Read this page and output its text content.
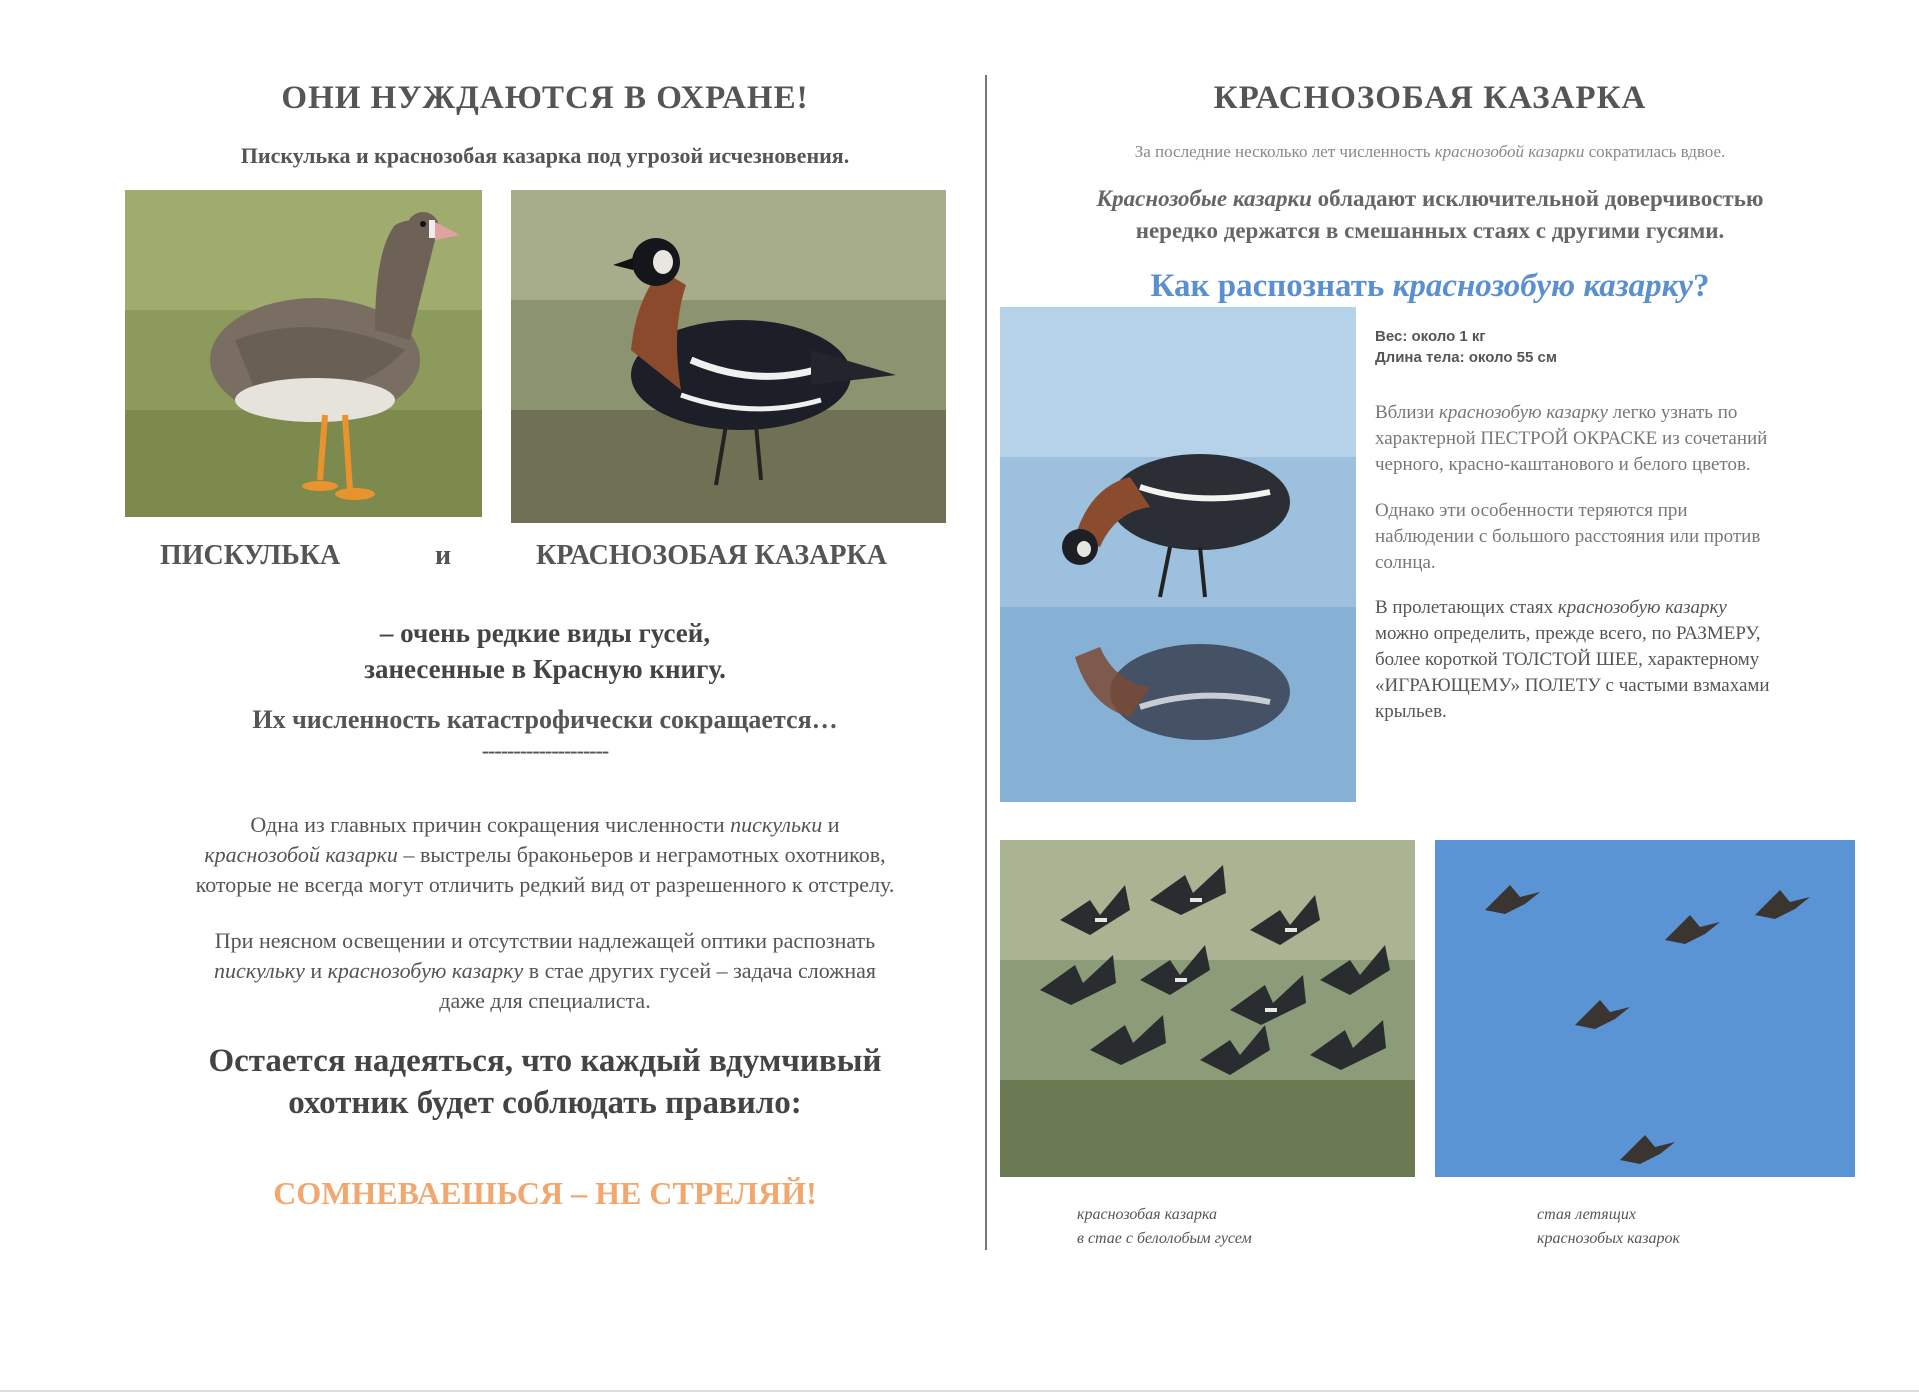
ОНИ НУЖДАЮТСЯ В ОХРАНЕ!
Пискулька и краснозобая казарка под угрозой исчезновения.
ПИСКУЛЬКА	и	КРАСНОЗОБАЯ КАЗАРКА
– очень редкие виды гусей,
занесенные в Красную книгу.
Их численность катастрофически сокращается…
--------------------
Одна из главных причин сокращения численности пискульки и
краснозобой казарки – выстрелы браконьеров и неграмотных охотников,
которые не всегда могут отличить редкий вид от разрешенного к отстрелу.
При неясном освещении и отсутствии надлежащей оптики распознать
пискульку и краснозобую казарку в стае других гусей – задача сложная
даже для специалиста.
Остается надеяться, что каждый вдумчивый
охотник будет соблюдать правило:
СОМНЕВАЕШЬСЯ – НЕ СТРЕЛЯЙ!
КРАСНОЗОБАЯ КАЗАРКА
За последние несколько лет численность краснозобой казарки сократилась вдвое.
Краснозобые казарки обладают исключительной доверчивостью
нередко держатся в смешанных стаях с другими гусями.
Как распознать краснозобую казарку?
Вес: около 1 кг
Длина тела: около 55 см
Вблизи краснозобую казарку легко узнать по
характерной ПЕСТРОЙ ОКРАСКЕ из сочетаний
черного, красно-каштанового и белого цветов.
Однако эти особенности теряются при
наблюдении с большого расстояния или против
солнца.
В пролетающих стаях краснозобую казарку
можно определить, прежде всего, по РАЗМЕРУ,
более короткой ТОЛСТОЙ ШЕЕ, характерному
«ИГРАЮЩЕМУ» ПОЛЕТУ с частыми взмахами
крыльев.
краснозобая казарка
в стае с белолобым гусем
стая летящих
краснозобых казарок
